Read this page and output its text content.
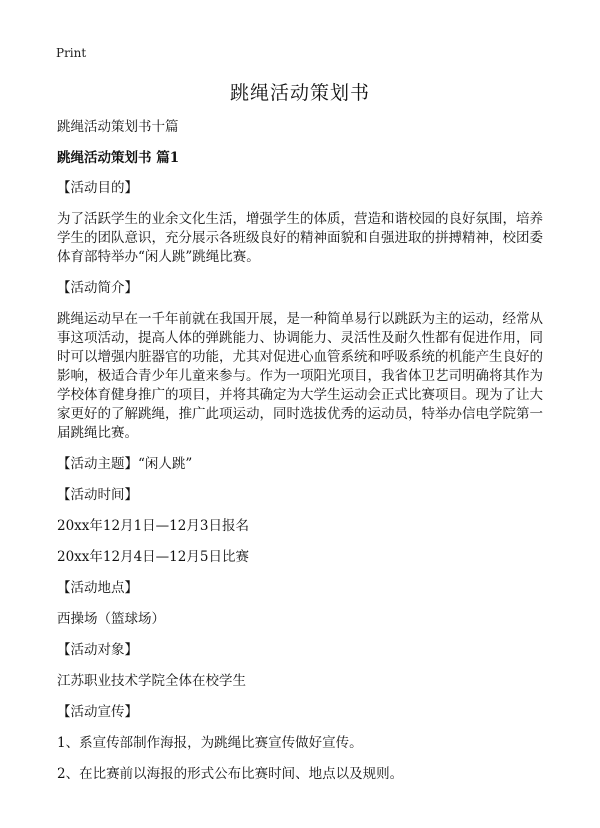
Print
跳绳活动策划书

跳绳活动策划书十篇

跳绳活动策划书 篇1

【活动目的】

为了活跃学生的业余文化生活，增强学生的体质，营造和谐校园的良好氛围，培养

学生的团队意识，充分展示各班级良好的精神面貌和自强进取的拼搏精神，校团委

体育部特举办“闲人跳”跳绳比赛。

【活动简介】

跳绳运动早在一千年前就在我国开展，是一种简单易行以跳跃为主的运动，经常从

事这项活动，提高人体的弹跳能力、协调能力、灵活性及耐久性都有促进作用，同

时可以增强内脏器官的功能，尤其对促进心血管系统和呼吸系统的机能产生良好的

影响，极适合青少年儿童来参与。作为一项阳光项目，我省体卫艺司明确将其作为

学校体育健身推广的项目，并将其确定为大学生运动会正式比赛项目。现为了让大

家更好的了解跳绳，推广此项运动，同时选拔优秀的运动员，特举办信电学院第一

届跳绳比赛。

【活动主题】“闲人跳”

【活动时间】

20xx年12月1日—12月3日报名

20xx年12月4日—12月5日比赛

【活动地点】

西操场（篮球场）

【活动对象】

江苏职业技术学院全体在校学生

【活动宣传】

1、系宣传部制作海报，为跳绳比赛宣传做好宣传。

2、在比赛前以海报的形式公布比赛时间、地点以及规则。
